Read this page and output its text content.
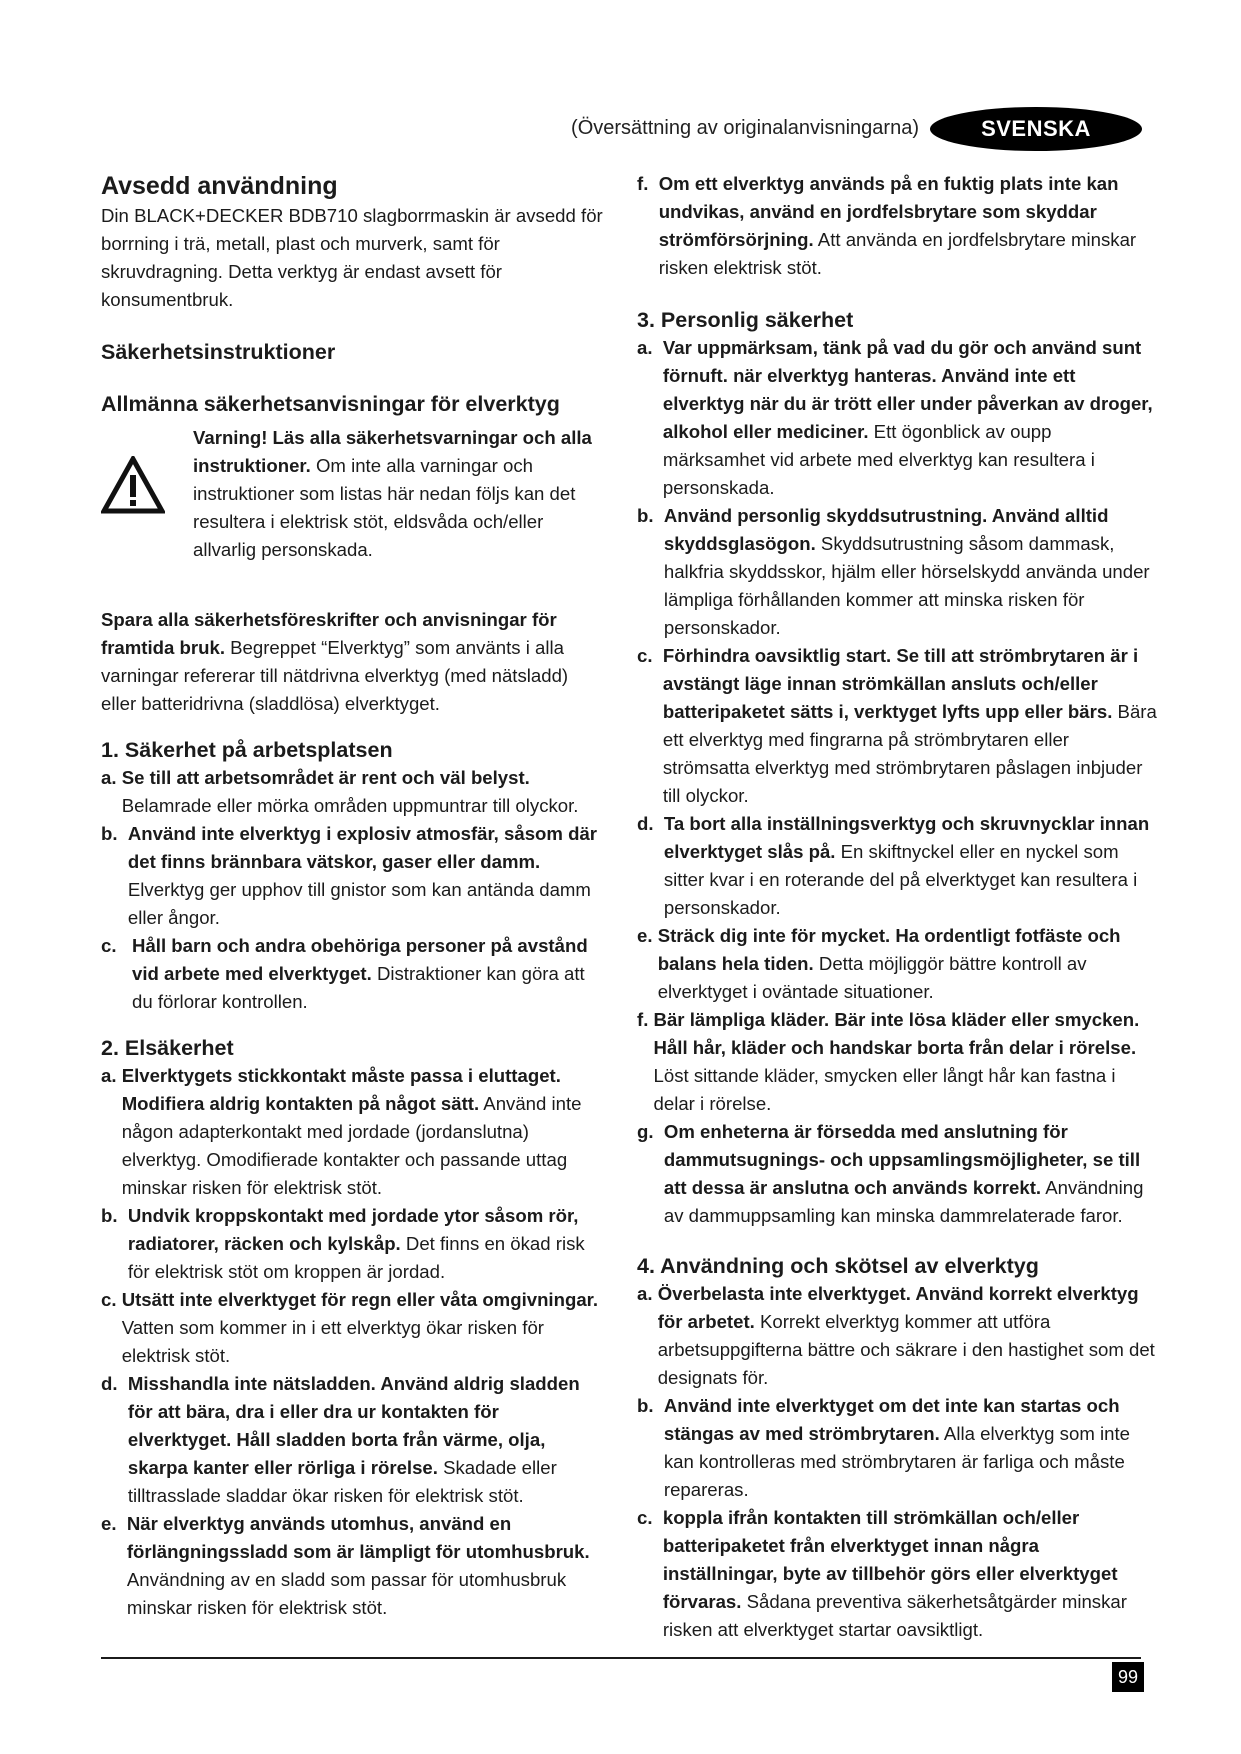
(Översättning av originalanvisningarna)	SVENSKA
Avsedd användning

Din BLACK+DECKER BDB710 slagborrmaskin är avsedd för borrning i trä, metall, plast och murverk, samt för skruvdragning. Detta verktyg är endast avsett för konsumentbruk.

Säkerhetsinstruktioner
Allmänna säkerhetsanvisningar för elverktyg

Varning! Läs alla säkerhetsvarningar och alla instruktioner. Om inte alla varningar och instruktioner som listas här nedan följs kan det resultera i elektrisk stöt, eldsvåda och/eller allvarlig personskada.

Spara alla säkerhetsföreskrifter och anvisningar för framtida bruk. Begreppet “Elverktyg” som använts i alla varningar refererar till nätdrivna elverktyg (med nätsladd) eller batteridrivna (sladdlösa) elverktyget.

1. Säkerhet på arbetsplatsen
a.
Se till att arbetsområdet är rent och väl belyst. Belamrade eller mörka områden uppmuntrar till olyckor.

b.
Använd inte elverktyg i explosiv atmosfär, såsom där det finns brännbara vätskor, gaser eller damm. Elverktyg ger upphov till gnistor som kan antända damm eller ångor.

c.
Håll barn och andra obehöriga personer på avstånd vid arbete med elverktyget. Distraktioner kan göra att du förlorar kontrollen.

2. Elsäkerhet
a.
Elverktygets stickkontakt måste passa i eluttaget. Modifiera aldrig kontakten på något sätt. Använd inte någon adapterkontakt med jordade (jordanslutna) elverktyg. Omodifierade kontakter och passande uttag minskar risken för elektrisk stöt.

b.
Undvik kroppskontakt med jordade ytor såsom rör, radiatorer, räcken och kylskåp. Det finns en ökad risk för elektrisk stöt om kroppen är jordad.

c.
Utsätt inte elverktyget för regn eller våta omgivningar. Vatten som kommer in i ett elverktyg ökar risken för elektrisk stöt.

d.
Misshandla inte nätsladden. Använd aldrig sladden för att bära, dra i eller dra ur kontakten för elverktyget. Håll sladden borta från värme, olja, skarpa kanter eller rörliga i rörelse. Skadade eller tilltrasslade sladdar ökar risken för elektrisk stöt.

e.
När elverktyg används utomhus, använd en förlängningssladd som är lämpligt för utomhusbruk. Användning av en sladd som passar för utomhusbruk minskar risken för elektrisk stöt.

f.
Om ett elverktyg används på en fuktig plats inte kan undvikas, använd en jordfelsbrytare som skyddar strömförsörjning. Att använda en jordfelsbrytare minskar risken elektrisk stöt.

3. Personlig säkerhet
a.
Var uppmärksam, tänk på vad du gör och använd sunt förnuft. när elverktyg hanteras. Använd inte ett elverktyg när du är trött eller under påverkan av droger, alkohol eller mediciner. Ett ögonblick av oupp märksamhet vid arbete med elverktyg kan resultera i personskada.

b.
Använd personlig skyddsutrustning. Använd alltid skyddsglasögon. Skyddsutrustning såsom dammask, halkfria skyddsskor, hjälm eller hörselskydd använda under lämpliga förhållanden kommer att minska risken för personskador.

c.
Förhindra oavsiktlig start. Se till att strömbrytaren är i avstängt läge innan strömkällan ansluts och/eller batteripaketet sätts i, verktyget lyfts upp eller bärs. Bära ett elverktyg med fingrarna på strömbrytaren eller strömsatta elverktyg med strömbrytaren påslagen inbjuder till olyckor.

d.
Ta bort alla inställningsverktyg och skruvnycklar innan elverktyget slås på. En skiftnyckel eller en nyckel som sitter kvar i en roterande del på elverktyget kan resultera i personskador.

e.
Sträck dig inte för mycket. Ha ordentligt fotfäste och balans hela tiden. Detta möjliggör bättre kontroll av elverktyget i oväntade situationer.

f.
Bär lämpliga kläder. Bär inte lösa kläder eller smycken. Håll hår, kläder och handskar borta från delar i rörelse. Löst sittande kläder, smycken eller långt hår kan fastna i delar i rörelse.

g.
Om enheterna är försedda med anslutning för dammutsugnings- och uppsamlingsmöjligheter, se till att dessa är anslutna och används korrekt. Användning av dammuppsamling kan minska dammrelaterade faror.

4. Användning och skötsel av elverktyg
a.
Överbelasta inte elverktyget. Använd korrekt elverktyg för arbetet. Korrekt elverktyg kommer att utföra arbetsuppgifterna bättre och säkrare i den hastighet som det designats för.

b.
Använd inte elverktyget om det inte kan startas och stängas av med strömbrytaren. Alla elverktyg som inte kan kontrolleras med strömbrytaren är farliga och måste repareras.

c.
koppla ifrån kontakten till strömkällan och/eller batteripaketet från elverktyget innan några inställningar, byte av tillbehör görs eller elverktyget förvaras. Sådana preventiva säkerhetsåtgärder minskar risken att elverktyget startar oavsiktligt.

99
